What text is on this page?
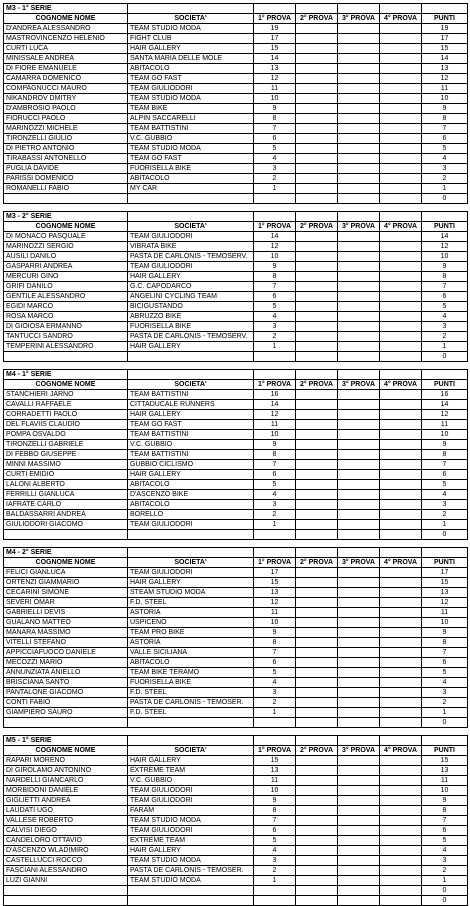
M3 - 1° SERIE						
COGNOME NOME	SOCIETA'	1° PROVA	2° PROVA	3° PROVA	4° PROVA	PUNTI
D'ANDREA ALESSANDRO	TEAM STUDIO MODA	19				19
MASTROVINCENZO HELENIO	FIGHT CLUB	17				17
CURTI LUCA	HAIR GALLERY	15				15
MINISSALE ANDREA	SANTA MARIA DELLE MOLE	14				14
DI FIORE EMANUELE	ABITACOLO	13				13
CAMARRA DOMENICO	TEAM GO FAST	12				12
COMPAGNUCCI MAURO	TEAM GIULIODORI	11				11
NIKANDROV DMITRY	TEAM STUDIO MODA	10				10
D'AMBROSIO PAOLO	TEAM BIKE	9				9
FIORUCCI PAOLO	ALPIN SACCARELLI	8				8
MARINOZZI MICHELE	TEAM BATTISTINI	7				7
TIRONZELLI GIULIO	V.C. GUBBIO	6				6
DI PIETRO ANTONIO	TEAM STUDIO MODA	5				5
TIRABASSI ANTONELLO	TEAM GO FAST	4				4
PUGLIA DAVIDE	FUORISELLA BIKE	3				3
PARISSI DOMENICO	ABITACOLO	2				2
ROMANELLI FABIO	MY CAR	1				1
						0
M3 - 2° SERIE						
COGNOME NOME	SOCIETA'	1° PROVA	2° PROVA	3° PROVA	4° PROVA	PUNTI
DI MONACO PASQUALE	TEAM GIULIODORI	14				14
MARINOZZI SERGIO	VIBRATA BIKE	12				12
AUSILI DANILO	PASTA DE CARLONIS - TEMOSERV.	10				10
GASPARRI ANDREA	TEAM GIULIODORI	9				9
MERCURI GINO	HAIR GALLERY	8				8
GRIFI DANILO	G.C. CAPODARCO	7				7
GENTILE ALESSANDRO	ANGELINI CYCLING TEAM	6				6
EGIDI MARCO	BICIGUSTANDO	5				5
ROSA MARCO	ABRUZZO BIKE	4				4
DI GIOIOSA ERMANNO	FUORISELLA BIKE	3				3
TANTUCCI SANDRO	PASTA DE CARLONIS - TEMOSERV.	2				2
TEMPERINI ALESSANDRO	HAIR GALLERY	1				1
						0
M4 - 1° SERIE						
COGNOME NOME	SOCIETA'	1° PROVA	2° PROVA	3° PROVA	4° PROVA	PUNTI
STANCHIERI JARNO	TEAM BATTISTINI	16				16
CAVALLI RAFFAELE	CITTADUCALE RUNNERS	14				14
CORRADETTI PAOLO	HAIR GALLERY	12				12
DEL FLAVIIS CLAUDIO	TEAM GO FAST	11				11
POMPA OSVALDO	TEAM BATTISTINI	10				10
TIRONZELLI GABRIELE	V.C. GUBBIO	9				9
DI FEBBO GIUSEPPE	TEAM BATTISTINI	8				8
MINNI MASSIMO	GUBBIO CICLISMO	7				7
CURTI EMIDIO	HAIR GALLERY	6				6
LALONI ALBERTO	ABITACOLO	5				5
FERRILLI GIANLUCA	D'ASCENZO BIKE	4				4
IAFRATE CARLO	ABITACOLO	3				3
BALDASSARRI ANDREA	BORELLO	2				2
GIULIODORI GIACOMO	TEAM GIULIODORI	1				1
						0
M4 - 2° SERIE						
COGNOME NOME	SOCIETA'	1° PROVA	2° PROVA	3° PROVA	4° PROVA	PUNTI
FELICI GIANLUCA	TEAM GIULIODORI	17				17
ORTENZI GIAMMARIO	HAIR GALLERY	15				15
CECARINI SIMONE	STEAM STUDIO MODA	13				13
SEVERI OMAR	F.D. STEEL	12				12
GABRIELLI DEVIS	ASTORIA	11				11
GUALANO MATTEO	USPICENO	10				10
MANARA MASSIMO	TEAM PRO BIKE	9				9
VITELLI STEFANO	ASTORIA	8				8
APPICCIAFUOCO DANIELE	VALLE SICILIANA	7				7
MECOZZI MARIO	ABITACOLO	6				6
ANNUNZIATA ANIELLO	TEAM BIKE TERAMO	5				5
BRISCIANA SANTO	FUORISELLA BIKE	4				4
PANTALONE GIACOMO	F.D. STEEL	3				3
CONTI FABIO	PASTA DE CARLONIS - TEMOSER.	2				2
GIAMPIERO SAURO	F.D. STEEL	1				1
						0
M5 - 1° SERIE						
COGNOME NOME	SOCIETA'	1° PROVA	2° PROVA	3° PROVA	4° PROVA	PUNTI
RAPARI MORENO	HAIR GALLERY	15				15
DI GIROLAMO ANTONINO	EXTREME TEAM	13				13
NARDELLI GIANCARLO	V.C. GUBBIO	11				11
MORBIDONI DANIELE	TEAM GIULIODORI	10				10
GIGLIETTI ANDREA	TEAM GIULIODORI	9				9
LAUDATI UGO	FARAM	8				8
VALLESE ROBERTO	TEAM STUDIO MODA	7				7
CALVISI DIEGO	TEAM GIULIODORI	6				6
CANDELORO OTTAVIO	EXTREME TEAM	5				5
D'ASCENZO WLADIMIRO	HAIR GALLERY	4				4
CASTELLUCCI ROCCO	TEAM STUDIO MODA	3				3
FASCIANI ALESSANDRO	PASTA DE CARLONIS - TEMOSER.	2				2
LUZI GIANNI	TEAM STUDIO MODA	1				1
						0
						0
